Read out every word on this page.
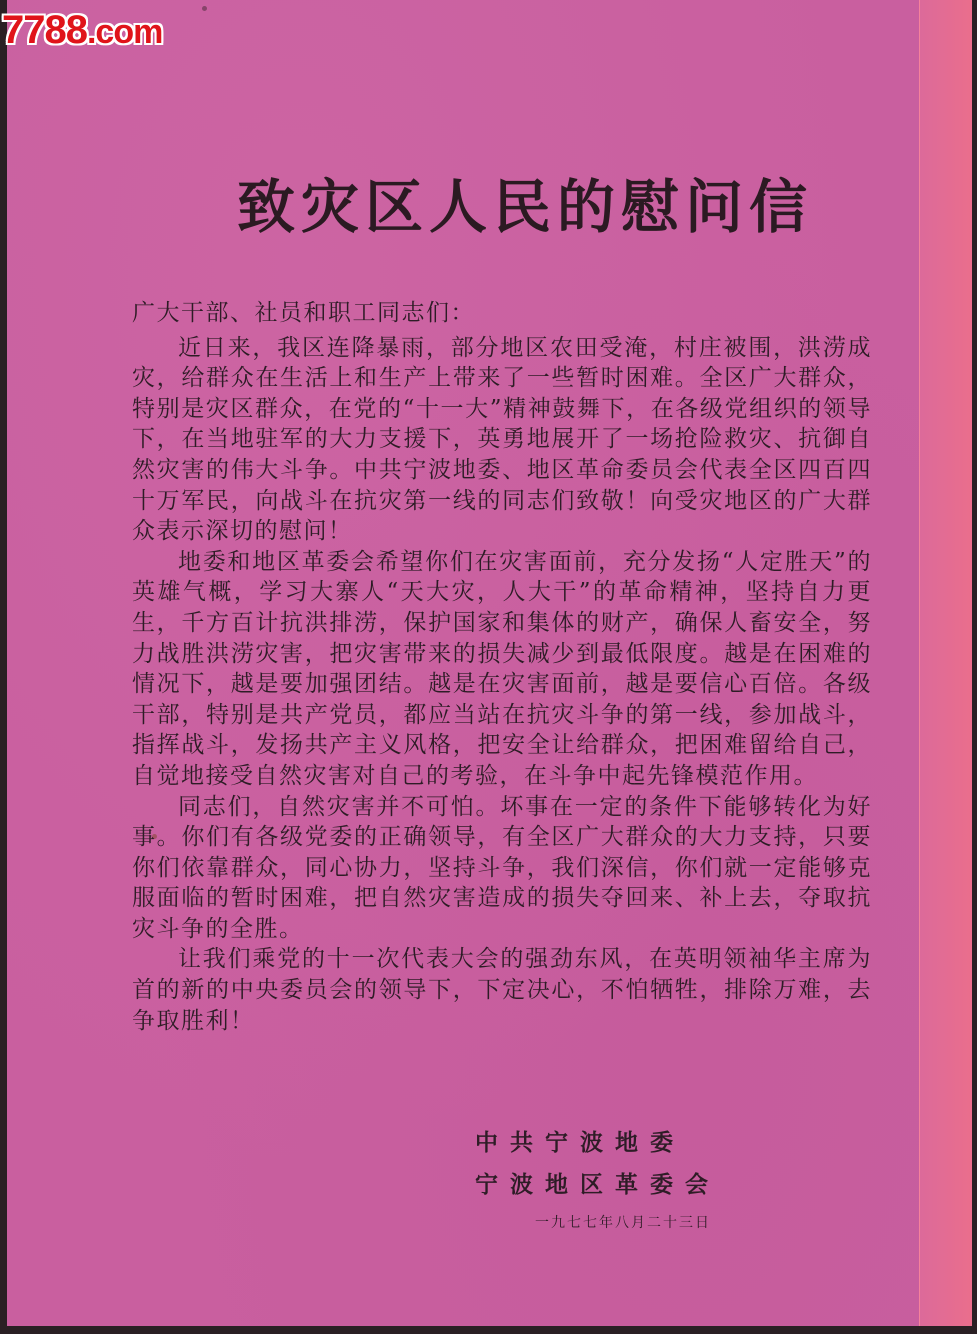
致灾区人民的慰问信

广大干部、社员和职工同志们：

近日来，我区连降暴雨，部分地区农田受淹，村庄被围，洪涝成灾，给群众在生活上和生产上带来了一些暂时困难。全区广大群众，特别是灾区群众，在党的“十一大”精神鼓舞下，在各级党组织的领导下，在当地驻军的大力支援下，英勇地展开了一场抢险救灾、抗御自然灾害的伟大斗争。中共宁波地委、地区革命委员会代表全区四百四十万军民，向战斗在抗灾第一线的同志们致敬！向受灾地区的广大群众表示深切的慰问！

地委和地区革委会希望你们在灾害面前，充分发扬“人定胜天”的英雄气概，学习大寨人“天大灾，人大干”的革命精神，坚持自力更生，千方百计抗洪排涝，保护国家和集体的财产，确保人畜安全，努力战胜洪涝灾害，把灾害带来的损失减少到最低限度。越是在困难的情况下，越是要加强团结。越是在灾害面前，越是要信心百倍。各级干部，特别是共产党员，都应当站在抗灾斗争的第一线，参加战斗，指挥战斗，发扬共产主义风格，把安全让给群众，把困难留给自己，自觉地接受自然灾害对自己的考验，在斗争中起先锋模范作用。

同志们，自然灾害并不可怕。坏事在一定的条件下能够转化为好事。你们有各级党委的正确领导，有全区广大群众的大力支持，只要你们依靠群众，同心协力，坚持斗争，我们深信，你们就一定能够克服面临的暂时困难，把自然灾害造成的损失夺回来、补上去，夺取抗灾斗争的全胜。

让我们乘党的十一次代表大会的强劲东风，在英明领袖华主席为首的新的中央委员会的领导下，下定决心，不怕牺牲，排除万难，去争取胜利！

中共宁波地委
宁波地区革委会
一九七七年八月二十三日
7788.com
